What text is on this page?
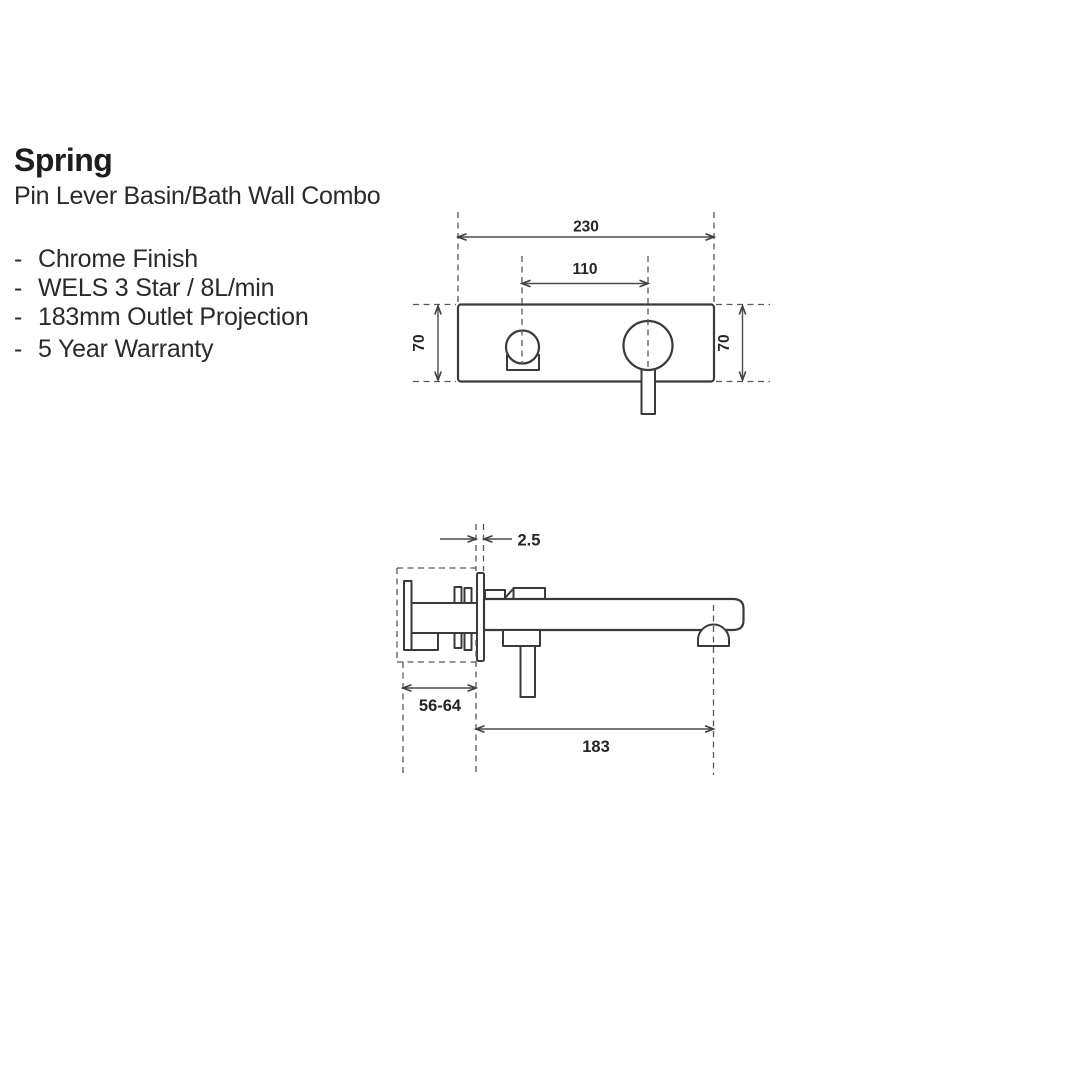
Spring
Pin Lever Basin/Bath Wall Combo
- Chrome Finish
- WELS 3 Star / 8L/min
- 183mm Outlet Projection
- 5 Year Warranty
230
110
70	70
2.5
56-64
183
